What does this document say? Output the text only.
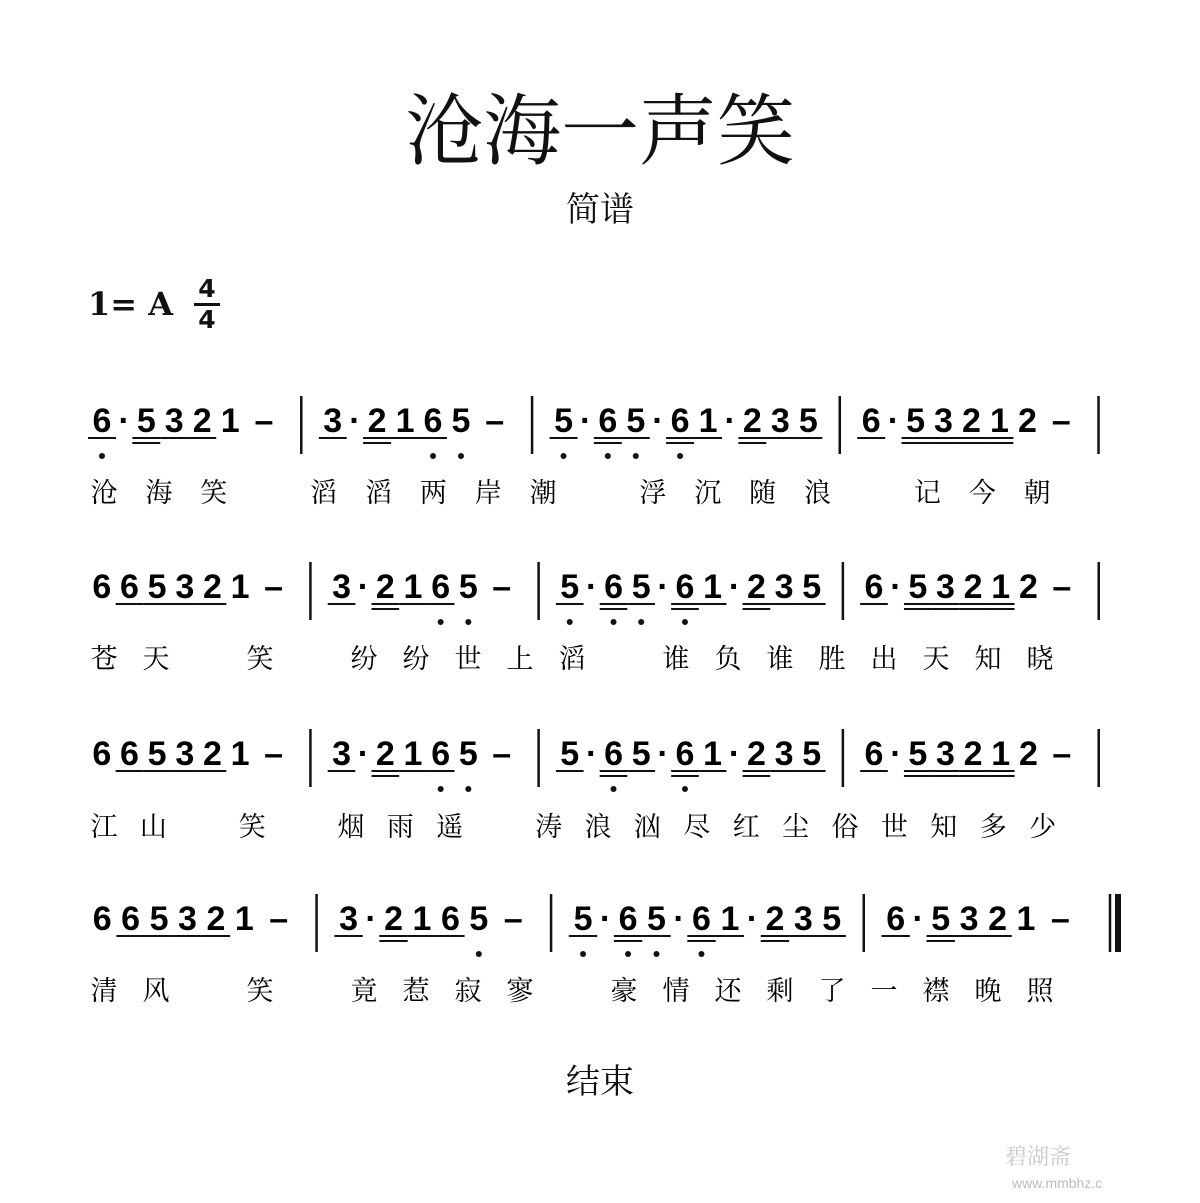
沧海一声笑
简谱
1= A	4
4
6 · 5 3 2 1 – 3 · 2 1 6 5 – 5 · 6 5 · 6 1 · 2 3 5 6 · 5 3 2 1 2 –
沧 海 笑	滔 滔 两 岸 潮	浮 沉 随 浪	记 今 朝
6 6 5 3 2 1 – 3 · 2 1 6 5 – 5 · 6 5 · 6 1 · 2 3 5 6 · 5 3 2 1 2 –
苍 天	笑	纷 纷 世 上 滔	谁 负 谁 胜 出 天 知 晓
6 6 5 3 2 1 – 3 · 2 1 6 5 – 5 · 6 5 · 6 1 · 2 3 5 6 · 5 3 2 1 2 –
江 山	笑	烟 雨 遥	涛 浪 汹 尽 红 尘 俗 世 知 多 少
6 6 5 3 2 1 – 3 · 2 1 6 5 – 5 · 6 5 · 6 1 · 2 3 5 6 · 5 3 2 1 –
清 风	笑	竟 惹 寂 寥	豪 情 还 剩 了 一 襟 晚 照
结束
碧湖斋
www.mmbhz.c
